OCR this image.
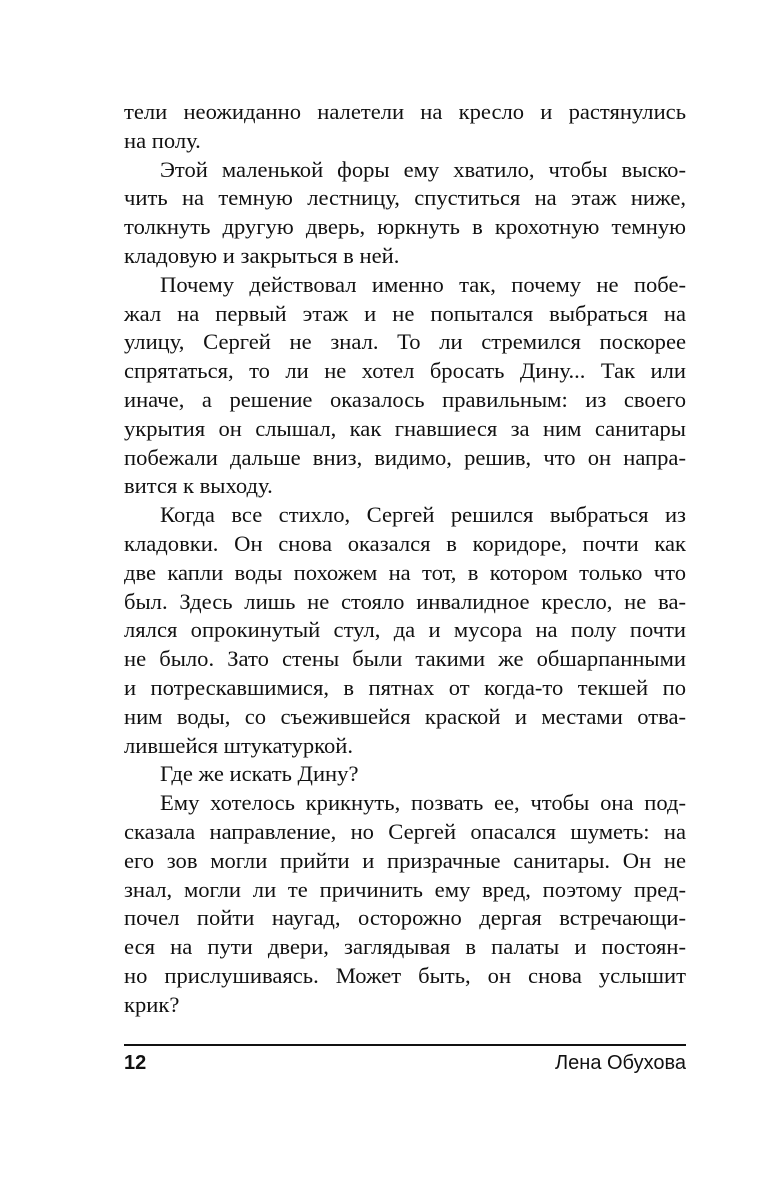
тели неожиданно налетели на кресло и растянулись
на полу.
Этой маленькой форы ему хватило, чтобы выско-
чить на темную лестницу, спуститься на этаж ниже,
толкнуть другую дверь, юркнуть в крохотную темную
кладовую и закрыться в ней.
Почему действовал именно так, почему не побе-
жал на первый этаж и не попытался выбраться на
улицу, Сергей не знал. То ли стремился поскорее
спрятаться, то ли не хотел бросать Дину... Так или
иначе, а решение оказалось правильным: из своего
укрытия он слышал, как гнавшиеся за ним санитары
побежали дальше вниз, видимо, решив, что он напра-
вится к выходу.
Когда все стихло, Сергей решился выбраться из
кладовки. Он снова оказался в коридоре, почти как
две капли воды похожем на тот, в котором только что
был. Здесь лишь не стояло инвалидное кресло, не ва-
лялся опрокинутый стул, да и мусора на полу почти
не было. Зато стены были такими же обшарпанными
и потрескавшимися, в пятнах от когда-то текшей по
ним воды, со съежившейся краской и местами отва-
лившейся штукатуркой.
Где же искать Дину?
Ему хотелось крикнуть, позвать ее, чтобы она под-
сказала направление, но Сергей опасался шуметь: на
его зов могли прийти и призрачные санитары. Он не
знал, могли ли те причинить ему вред, поэтому пред-
почел пойти наугад, осторожно дергая встречающи-
еся на пути двери, заглядывая в палаты и постоян-
но прислушиваясь. Может быть, он снова услышит
крик?
12	Лена Обухова
